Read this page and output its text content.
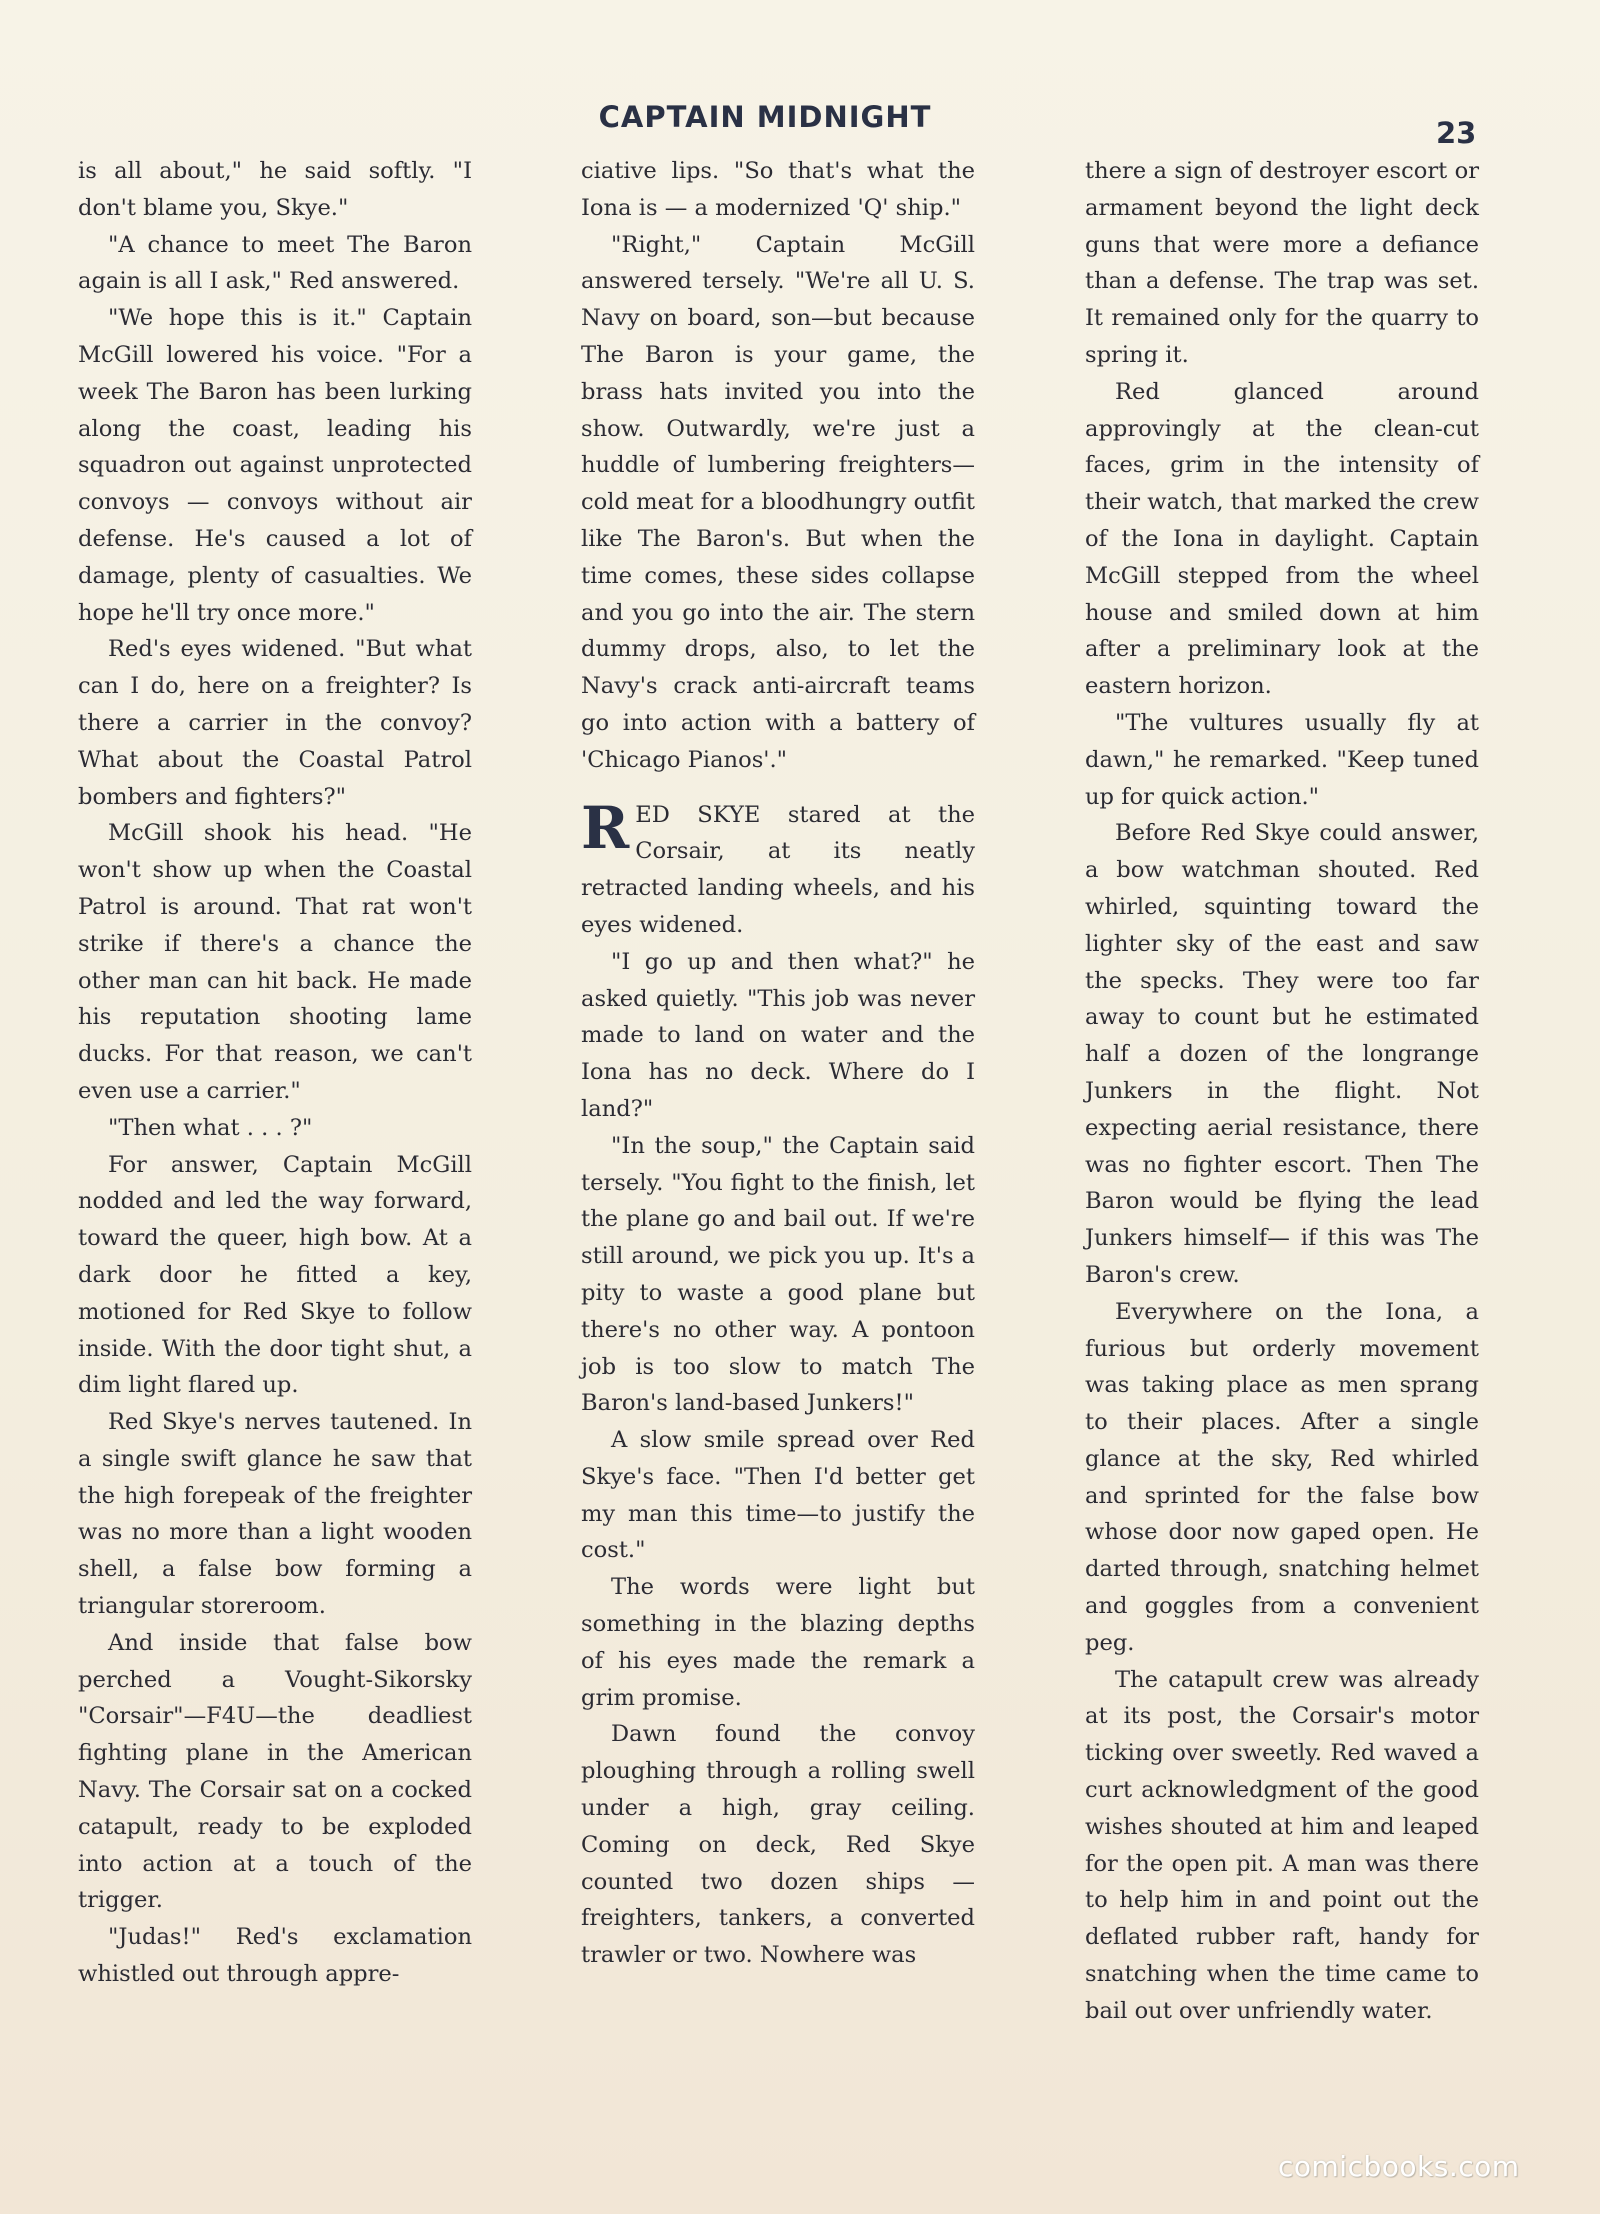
CAPTAIN MIDNIGHT	23

is all about," he said softly. "I don't blame you, Skye."

"A chance to meet The Baron again is all I ask," Red answered.

"We hope this is it." Captain McGill lowered his voice. "For a week The Baron has been lurking along the coast, leading his squadron out against unprotected convoys — convoys without air defense. He's caused a lot of damage, plenty of casualties. We hope he'll try once more."

Red's eyes widened. "But what can I do, here on a freighter? Is there a carrier in the convoy? What about the Coastal Patrol bombers and fighters?"

McGill shook his head. "He won't show up when the Coastal Patrol is around. That rat won't strike if there's a chance the other man can hit back. He made his reputation shooting lame ducks. For that reason, we can't even use a carrier."

"Then what . . . ?"

For answer, Captain McGill nodded and led the way forward, toward the queer, high bow. At a dark door he fitted a key, motioned for Red Skye to follow inside. With the door tight shut, a dim light flared up.

Red Skye's nerves tautened. In a single swift glance he saw that the high forepeak of the freighter was no more than a light wooden shell, a false bow forming a triangular storeroom.

And inside that false bow perched a Vought-Sikorsky "Corsair"—F4U—the deadliest fighting plane in the American Navy. The Corsair sat on a cocked catapult, ready to be exploded into action at a touch of the trigger.

"Judas!" Red's exclamation whistled out through appre-

ciative lips. "So that's what the Iona is — a modernized 'Q' ship."

"Right," Captain McGill answered tersely. "We're all U. S. Navy on board, son—but because The Baron is your game, the brass hats invited you into the show. Outwardly, we're just a huddle of lumbering freighters—cold meat for a bloodhungry outfit like The Baron's. But when the time comes, these sides collapse and you go into the air. The stern dummy drops, also, to let the Navy's crack anti-aircraft teams go into action with a battery of 'Chicago Pianos'."

RED SKYE stared at the Corsair, at its neatly retracted landing wheels, and his eyes widened.

"I go up and then what?" he asked quietly. "This job was never made to land on water and the Iona has no deck. Where do I land?"

"In the soup," the Captain said tersely. "You fight to the finish, let the plane go and bail out. If we're still around, we pick you up. It's a pity to waste a good plane but there's no other way. A pontoon job is too slow to match The Baron's land-based Junkers!"

A slow smile spread over Red Skye's face. "Then I'd better get my man this time—to justify the cost."

The words were light but something in the blazing depths of his eyes made the remark a grim promise.

Dawn found the convoy ploughing through a rolling swell under a high, gray ceiling. Coming on deck, Red Skye counted two dozen ships — freighters, tankers, a converted trawler or two. Nowhere was

there a sign of destroyer escort or armament beyond the light deck guns that were more a defiance than a defense. The trap was set. It remained only for the quarry to spring it.

Red glanced around approvingly at the clean-cut faces, grim in the intensity of their watch, that marked the crew of the Iona in daylight. Captain McGill stepped from the wheel house and smiled down at him after a preliminary look at the eastern horizon.

"The vultures usually fly at dawn," he remarked. "Keep tuned up for quick action."

Before Red Skye could answer, a bow watchman shouted. Red whirled, squinting toward the lighter sky of the east and saw the specks. They were too far away to count but he estimated half a dozen of the longrange Junkers in the flight. Not expecting aerial resistance, there was no fighter escort. Then The Baron would be flying the lead Junkers himself— if this was The Baron's crew.

Everywhere on the Iona, a furious but orderly movement was taking place as men sprang to their places. After a single glance at the sky, Red whirled and sprinted for the false bow whose door now gaped open. He darted through, snatching helmet and goggles from a convenient peg.

The catapult crew was already at its post, the Corsair's motor ticking over sweetly. Red waved a curt acknowledgment of the good wishes shouted at him and leaped for the open pit. A man was there to help him in and point out the deflated rubber raft, handy for snatching when the time came to bail out over unfriendly water.

comicbooks.com
